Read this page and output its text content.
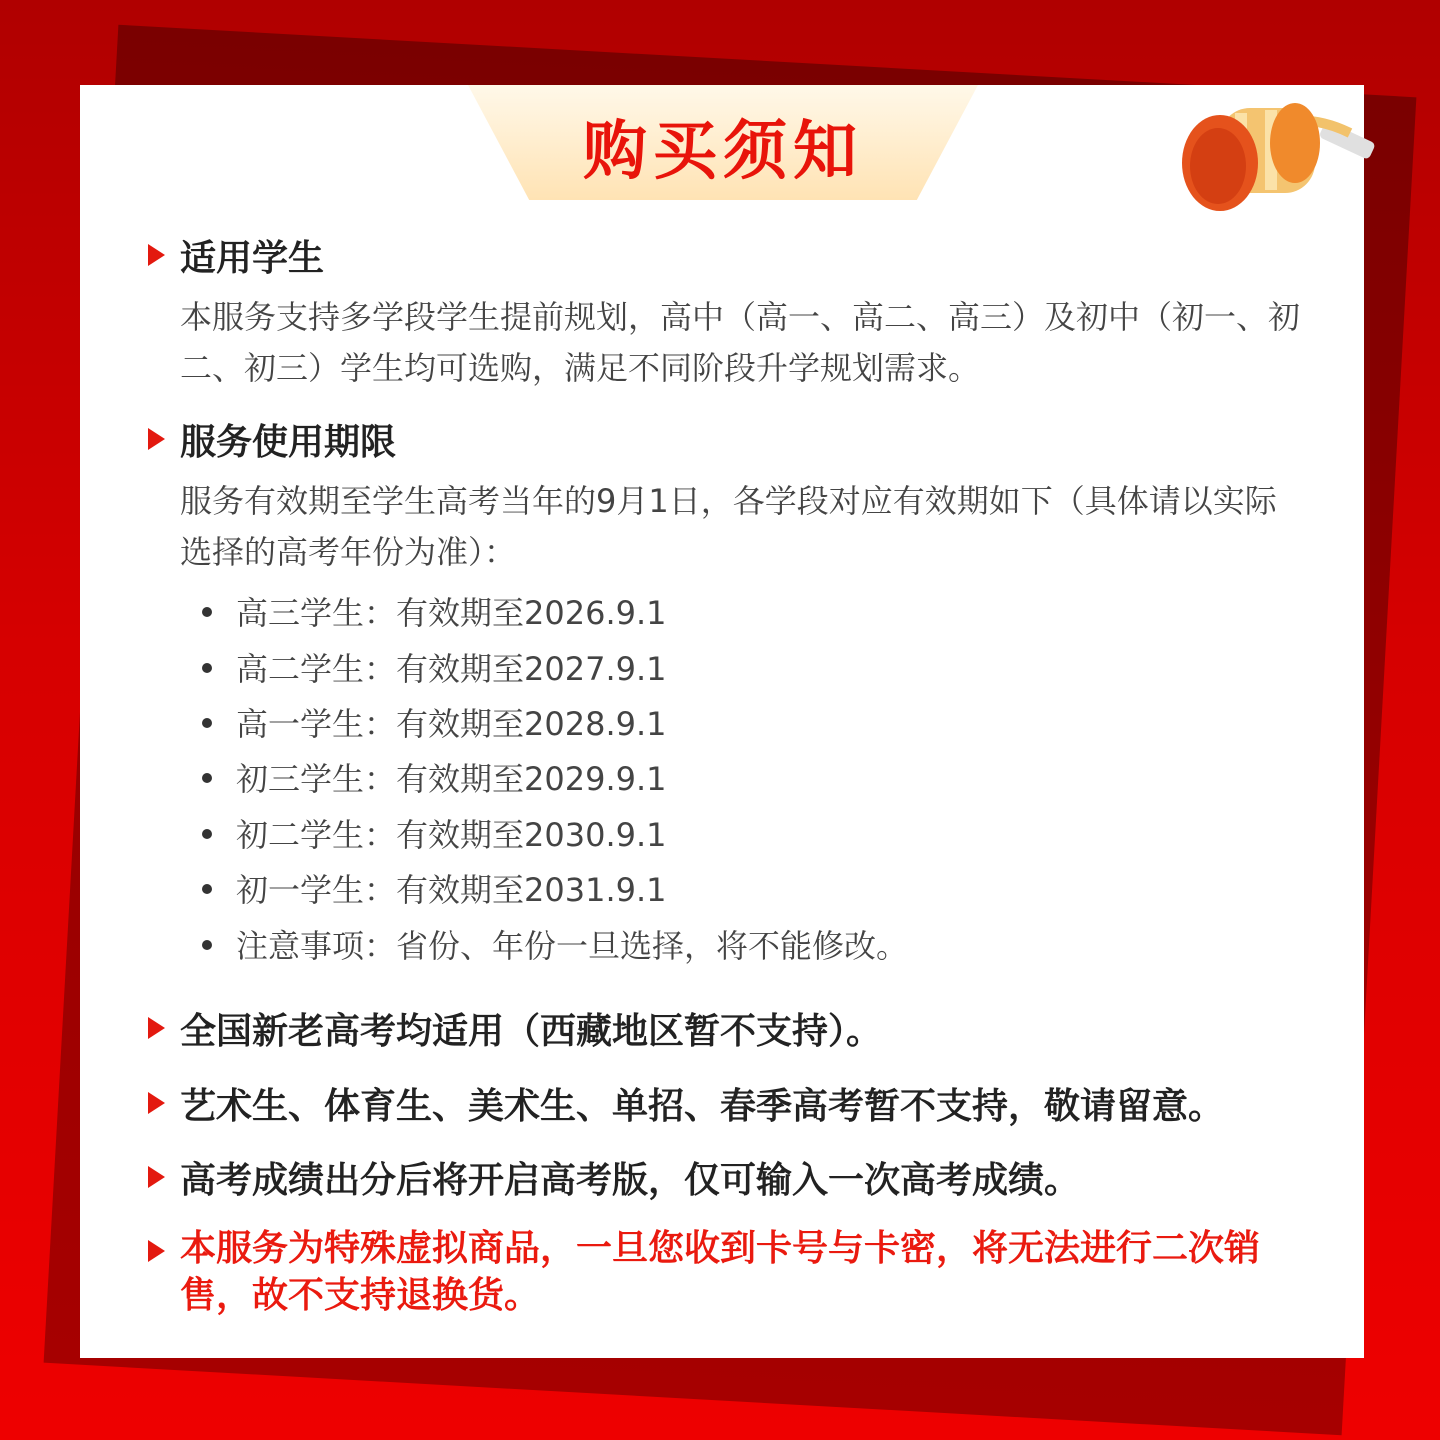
购买须知
适用学生
本服务支持多学段学生提前规划，高中（高一、高二、高三）及初中（初一、初二、初三）学生均可选购，满足不同阶段升学规划需求。
服务使用期限
服务有效期至学生高考当年的9月1日，各学段对应有效期如下（具体请以实际选择的高考年份为准）：
高三学生：有效期至2026.9.1
高二学生：有效期至2027.9.1
高一学生：有效期至2028.9.1
初三学生：有效期至2029.9.1
初二学生：有效期至2030.9.1
初一学生：有效期至2031.9.1
注意事项：省份、年份一旦选择，将不能修改。
全国新老高考均适用（西藏地区暂不支持）。
艺术生、体育生、美术生、单招、春季高考暂不支持，敬请留意。
高考成绩出分后将开启高考版，仅可输入一次高考成绩。
本服务为特殊虚拟商品，一旦您收到卡号与卡密，将无法进行二次销售，故不支持退换货。
